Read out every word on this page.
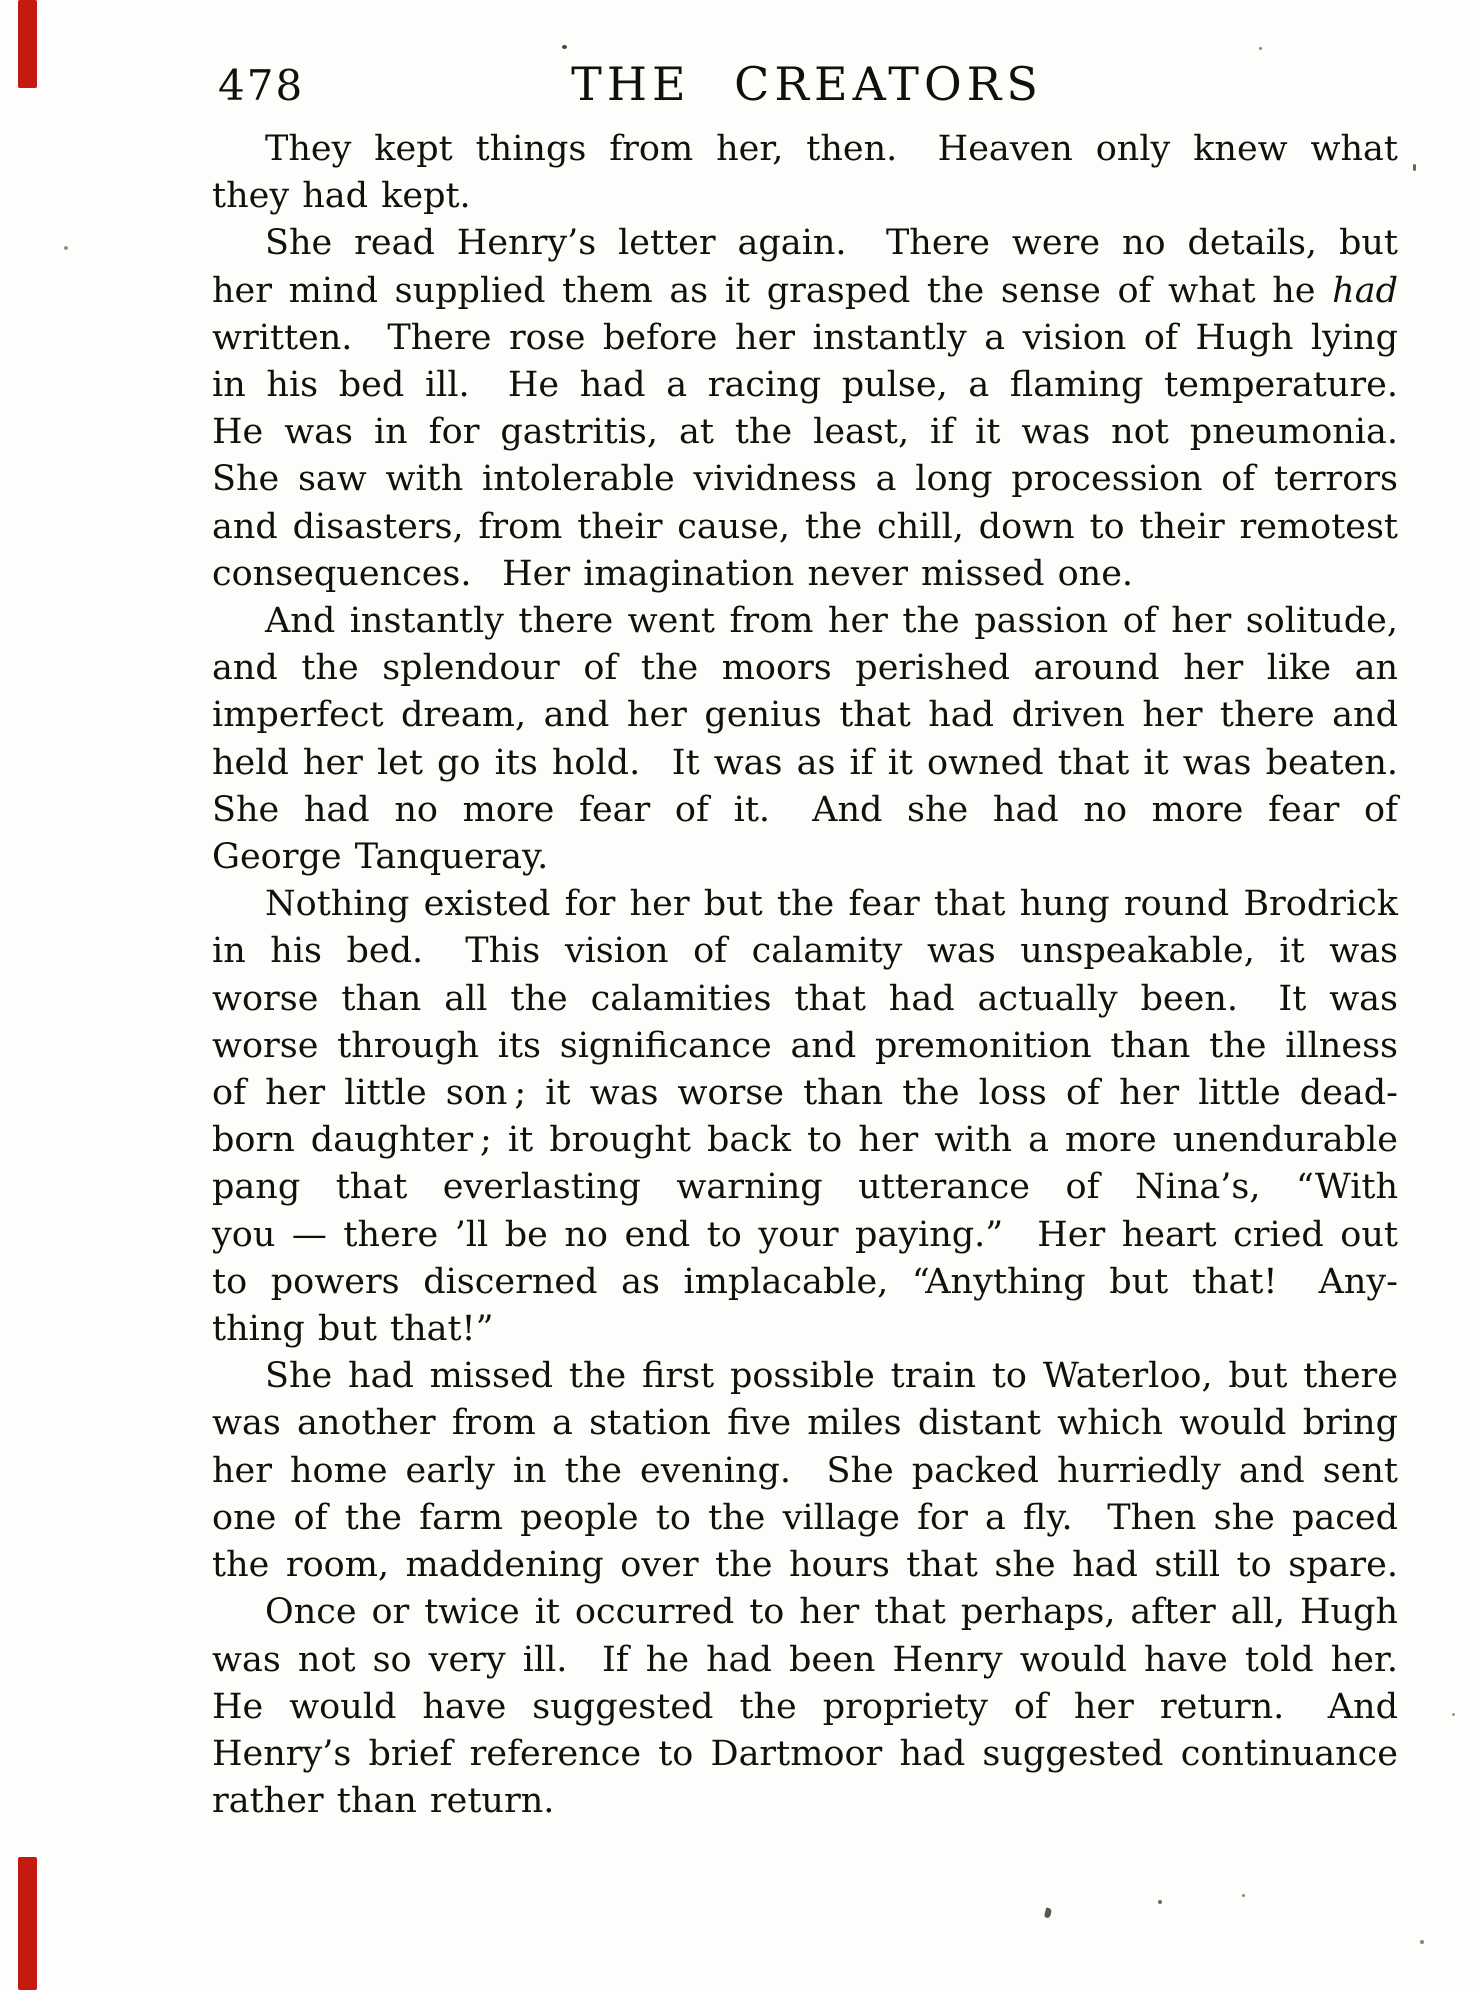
478	THE CREATORS
They kept things from her, then.  Heaven only knew what
they had kept.
She read Henry’s letter again.  There were no details, but
her mind supplied them as it grasped the sense of what he had
written.  There rose before her instantly a vision of Hugh lying
in his bed ill.  He had a racing pulse, a flaming temperature.
He was in for gastritis, at the least, if it was not pneumonia.
She saw with intolerable vividness a long procession of terrors
and disasters, from their cause, the chill, down to their remotest
consequences.  Her imagination never missed one.
And instantly there went from her the passion of her solitude,
and the splendour of the moors perished around her like an
imperfect dream, and her genius that had driven her there and
held her let go its hold.  It was as if it owned that it was beaten.
She had no more fear of it.  And she had no more fear of
George Tanqueray.
Nothing existed for her but the fear that hung round Brodrick
in his bed.  This vision of calamity was unspeakable, it was
worse than all the calamities that had actually been.  It was
worse through its significance and premonition than the illness
of her little son ; it was worse than the loss of her little dead-
born daughter ; it brought back to her with a more unendurable
pang that everlasting warning utterance of Nina’s, “With
you — there ’ll be no end to your paying.”  Her heart cried out
to powers discerned as implacable, “Anything but that!  Any-
thing but that!”
She had missed the first possible train to Waterloo, but there
was another from a station five miles distant which would bring
her home early in the evening.  She packed hurriedly and sent
one of the farm people to the village for a fly.  Then she paced
the room, maddening over the hours that she had still to spare.
Once or twice it occurred to her that perhaps, after all, Hugh
was not so very ill.  If he had been Henry would have told her.
He would have suggested the propriety of her return.  And
Henry’s brief reference to Dartmoor had suggested continuance
rather than return.
